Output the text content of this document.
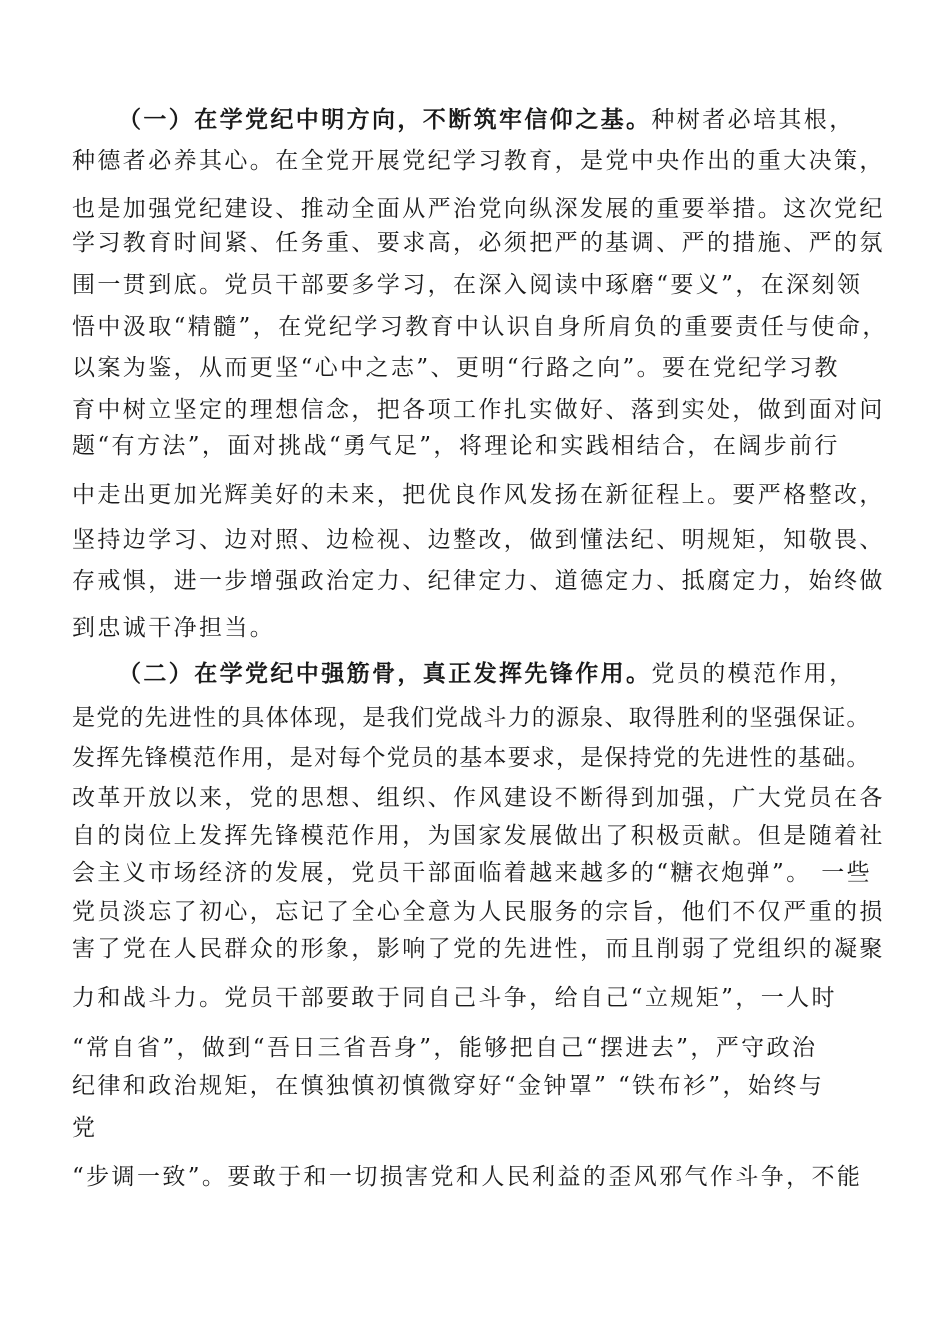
（一）在学党纪中明方向，不断筑牢信仰之基。种树者必培其根，
种德者必养其心。在全党开展党纪学习教育，是党中央作出的重大决策，
也是加强党纪建设、推动全面从严治党向纵深发展的重要举措。这次党纪
学习教育时间紧、任务重、要求高，必须把严的基调、严的措施、严的氛
围一贯到底。党员干部要多学习，在深入阅读中琢磨“要义”，在深刻领
悟中汲取“精髓”，在党纪学习教育中认识自身所肩负的重要责任与使命，
以案为鉴，从而更坚“心中之志”、更明“行路之向”。要在党纪学习教
育中树立坚定的理想信念，把各项工作扎实做好、落到实处，做到面对问
题“有方法”，面对挑战“勇气足”，将理论和实践相结合，在阔步前行
中走出更加光辉美好的未来，把优良作风发扬在新征程上。要严格整改，
坚持边学习、边对照、边检视、边整改，做到懂法纪、明规矩，知敬畏、
存戒惧，进一步增强政治定力、纪律定力、道德定力、抵腐定力，始终做
到忠诚干净担当。
（二）在学党纪中强筋骨，真正发挥先锋作用。党员的模范作用，
是党的先进性的具体体现，是我们党战斗力的源泉、取得胜利的坚强保证。
发挥先锋模范作用，是对每个党员的基本要求，是保持党的先进性的基础。
改革开放以来，党的思想、组织、作风建设不断得到加强，广大党员在各
自的岗位上发挥先锋模范作用，为国家发展做出了积极贡献。但是随着社
会主义市场经济的发展，党员干部面临着越来越多的“糖衣炮弹”。 一些
党员淡忘了初心，忘记了全心全意为人民服务的宗旨，他们不仅严重的损
害了党在人民群众的形象，影响了党的先进性，而且削弱了党组织的凝聚
力和战斗力。党员干部要敢于同自己斗争，给自己“立规矩”，一人时
“常自省”，做到“吾日三省吾身”，能够把自己“摆进去”，严守政治
纪律和政治规矩，在慎独慎初慎微穿好“金钟罩” “铁布衫”，始终与
党
“步调一致”。要敢于和一切损害党和人民利益的歪风邪气作斗争，不能
